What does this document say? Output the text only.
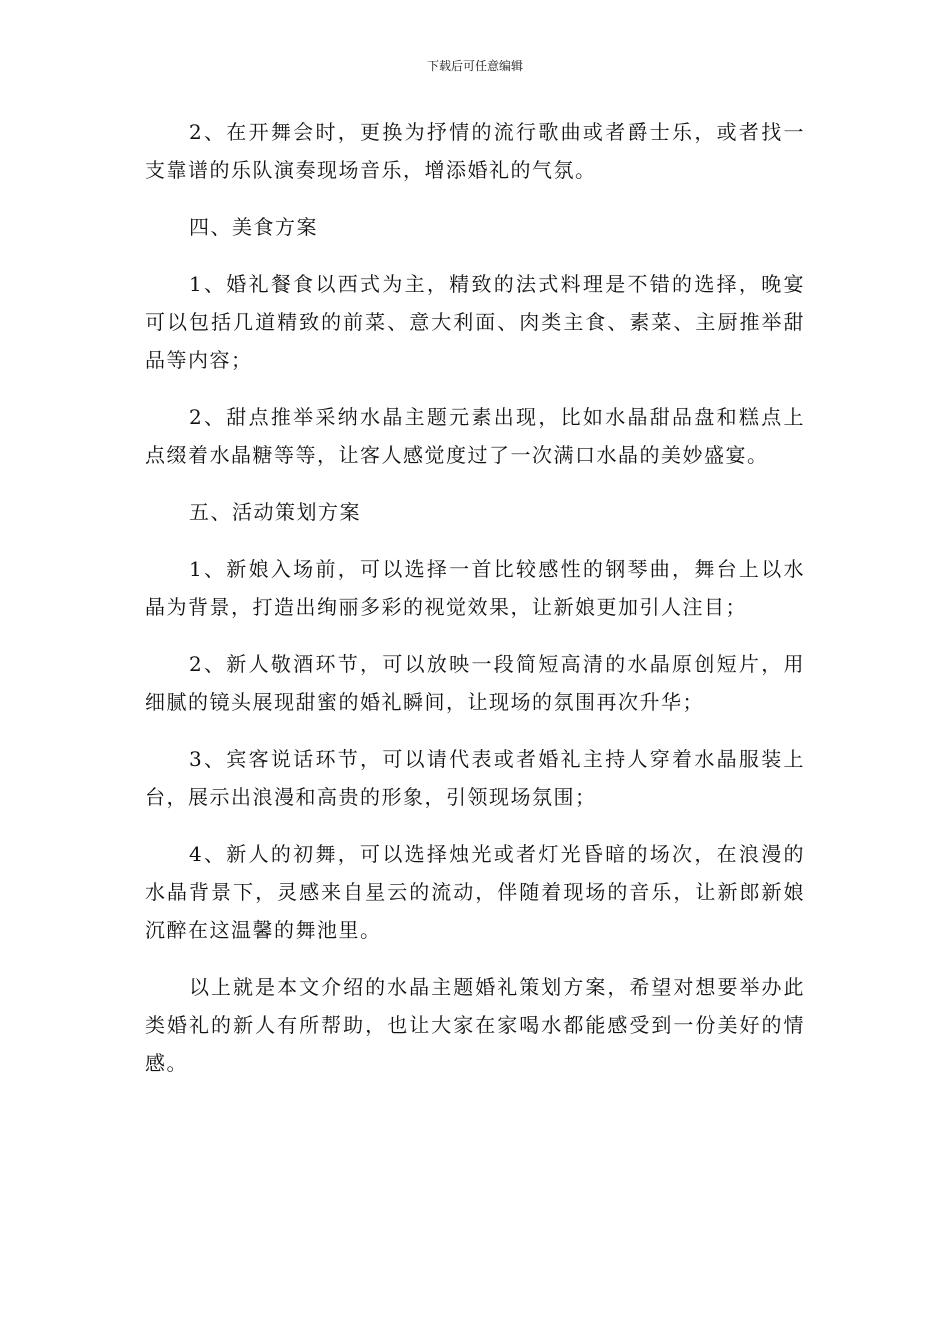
下载后可任意编辑

2、在开舞会时，更换为抒情的流行歌曲或者爵士乐，或者找一支靠谱的乐队演奏现场音乐，增添婚礼的气氛。

四、美食方案

1、婚礼餐食以西式为主，精致的法式料理是不错的选择，晚宴可以包括几道精致的前菜、意大利面、肉类主食、素菜、主厨推举甜品等内容；

2、甜点推举采纳水晶主题元素出现，比如水晶甜品盘和糕点上点缀着水晶糖等等，让客人感觉度过了一次满口水晶的美妙盛宴。

五、活动策划方案

1、新娘入场前，可以选择一首比较感性的钢琴曲，舞台上以水晶为背景，打造出绚丽多彩的视觉效果，让新娘更加引人注目；

2、新人敬酒环节，可以放映一段简短高清的水晶原创短片，用细腻的镜头展现甜蜜的婚礼瞬间，让现场的氛围再次升华；

3、宾客说话环节，可以请代表或者婚礼主持人穿着水晶服装上台，展示出浪漫和高贵的形象，引领现场氛围；

4、新人的初舞，可以选择烛光或者灯光昏暗的场次，在浪漫的水晶背景下，灵感来自星云的流动，伴随着现场的音乐，让新郎新娘沉醉在这温馨的舞池里。

以上就是本文介绍的水晶主题婚礼策划方案，希望对想要举办此类婚礼的新人有所帮助，也让大家在家喝水都能感受到一份美好的情感。
